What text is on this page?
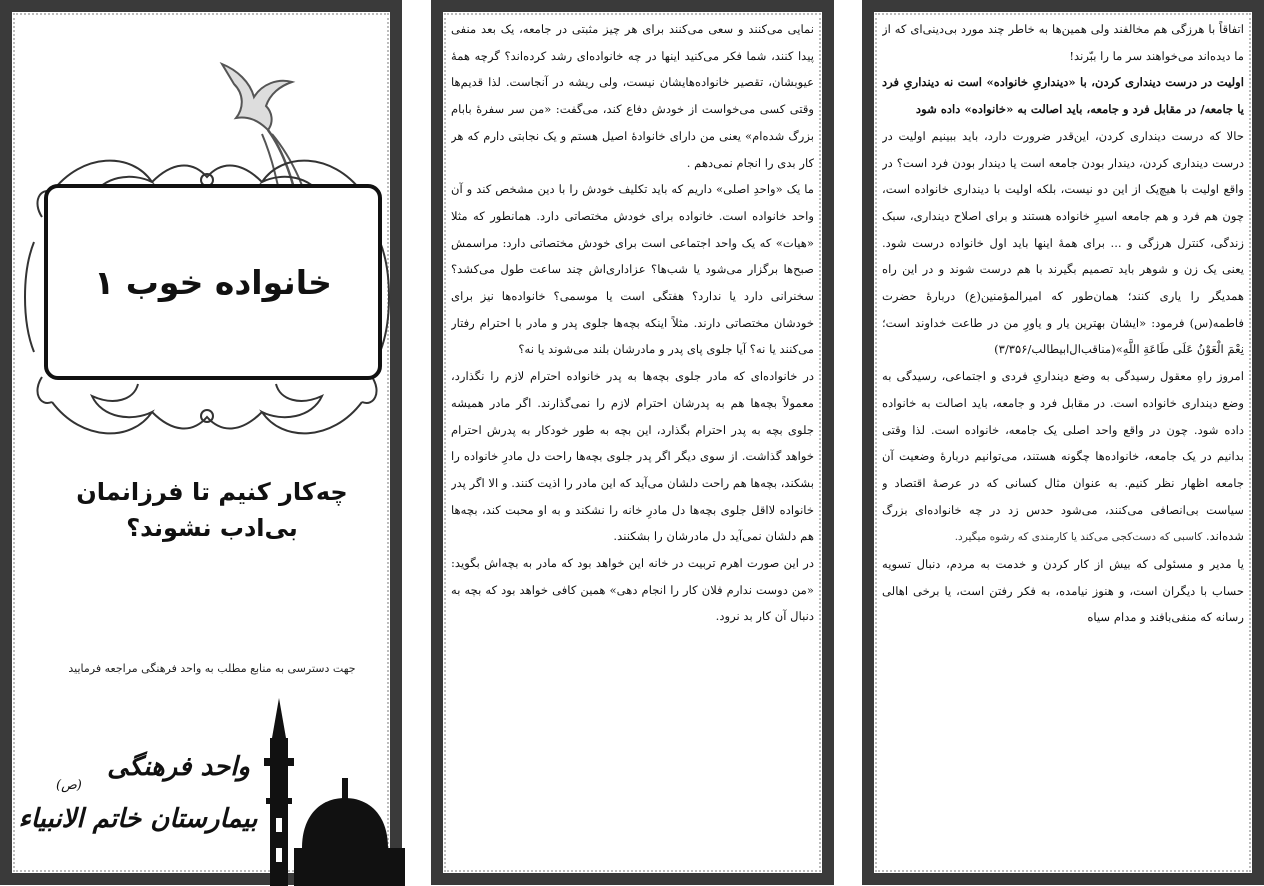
خانواده خوب ۱
چه‌کار کنیم تا فرزانمان بی‌ادب نشوند؟
جهت دسترسی به منابع مطلب به واحد فرهنگی مراجعه فرمایید
واحد فرهنگی
(ص)
بیمارستان خاتم الانبیاء

نمایی می‌کنند و سعی می‌کنند برای هر چیز مثبتی در جامعه، یک بعد منفی پیدا کنند، شما فکر می‌کنید اینها در چه خانواده‌ای رشد کرده‌اند؟ گرچه همهٔ عیوبشان، تقصیر خانواده‌هایشان نیست، ولی ریشه در آنجاست. لذا قدیم‌ها وقتی کسی می‌خواست از خودش دفاع کند، می‌گفت: «من سر سفرهٔ بابام بزرگ شده‌ام» یعنی من دارای خانوادهٔ اصیل هستم و یک نجابتی دارم که هر کار بدی را انجام نمی‌دهم .

ما یک «واحدِ اصلی» داریم که باید تکلیف خودش را با دین مشخص کند و آن واحد خانواده است. خانواده برای خودش مختصاتی دارد. همانطور که مثلا «هیات» که یک واحد اجتماعی است برای خودش مختصاتی دارد: مراسمش صبح‌ها برگزار می‌شود یا شب‌ها؟ عزاداری‌اش چند ساعت طول می‌کشد؟ سخنرانی دارد یا ندارد؟ هفتگی است یا موسمی؟ خانواده‌ها نیز برای خودشان مختصاتی دارند. مثلاً اینکه بچه‌ها جلوی پدر و مادر با احترام رفتار می‌کنند یا نه؟ آیا جلوی پای پدر و مادرشان بلند می‌شوند یا نه؟

در خانواده‌ای که مادر جلوی بچه‌ها به پدر خانواده احترام لازم را نگذارد، معمولاً بچه‌ها هم به پدرشان احترام لازم را نمی‌گذارند. اگر مادر همیشه جلوی بچه به پدر احترام بگذارد، این بچه به طور خودکار به پدرش احترام خواهد گذاشت. از سوی دیگر اگر پدر جلوی بچه‌ها راحت دل مادرِ خانواده را بشکند، بچه‌ها هم راحت دلشان می‌آید که این مادر را اذیت کنند. و الا اگر پدر خانواده لااقل جلوی بچه‌ها دل مادرِ خانه را نشکند و به او محبت کند، بچه‌ها هم دلشان نمی‌آید دل مادرشان را بشکنند.

در این صورت اهرم تربیت در خانه این خواهد بود که مادر به بچه‌اش بگوید: «من دوست ندارم فلان کار را انجام دهی» همین کافی خواهد بود که بچه به دنبال آن کار بد نرود.

اتفاقاً با هرزگی هم مخالفند ولی همین‌ها به خاطر چند مورد بی‌دینی‌ای که از ما دیده‌اند می‌خواهند سر ما را ببّرند!

اولیت در درست دینداری کردن، با «دینداریِ خانواده» است نه دینداریِ فرد یا جامعه/ در مقابل فرد و جامعه، باید اصالت به «خانواده» داده شود

حالا که درست دینداری کردن، این‌قدر ضرورت دارد، باید ببینیم اولیت در درست دینداری کردن، دیندار بودن جامعه است یا دیندار بودن فرد است؟ در واقع اولیت با هیچ‌یک از این دو نیست، بلکه اولیت با دینداری خانواده است، چون هم فرد و هم جامعه اسیرِ خانواده هستند و برای اصلاح دینداری، سبک زندگی، کنترل هرزگی و ... برای همهٔ اینها باید اول خانواده درست شود. یعنی یک زن و شوهر باید تصمیم بگیرند با هم درست شوند و در این راه همدیگر را یاری کنند؛ همان‌طور که امیرالمؤمنین(ع) دربارهٔ حضرت فاطمه(س) فرمود: «ایشان بهترین یار و یاورِ من در طاعت خداوند است؛ نِعْمَ الْعَوْنُ عَلَى طَاعَةِ اللَّهِ»(مناقب‌ال‌ابیطالب/۳/۳۵۶)

امروز راهِ معقول رسیدگی به وضع دینداریِ فردی و اجتماعی، رسیدگی به وضع دینداری خانواده است. در مقابل فرد و جامعه، باید اصالت به خانواده داده شود. چون در واقع واحد اصلی یک جامعه، خانواده است. لذا وقتی بدانیم در یک جامعه، خانواده‌ها چگونه هستند، می‌توانیم دربارهٔ وضعیت آن جامعه اظهار نظر کنیم. به عنوان مثال کسانی که در عرصهٔ اقتصاد و سیاست بی‌انصافی می‌کنند، می‌شود حدس زد در چه خانواده‌ای بزرگ شده‌اند. کاسبی که دست‌کجی می‌کند یا کارمندی که رشوه میگیرد.

یا مدیر و مسئولی که بیش از کار کردن و خدمت به مردم، دنبال تسویه حساب با دیگران است، و هنوز نیامده، به فکر رفتن است، یا برخی اهالی رسانه که منفی‌بافند و مدام سیاه
